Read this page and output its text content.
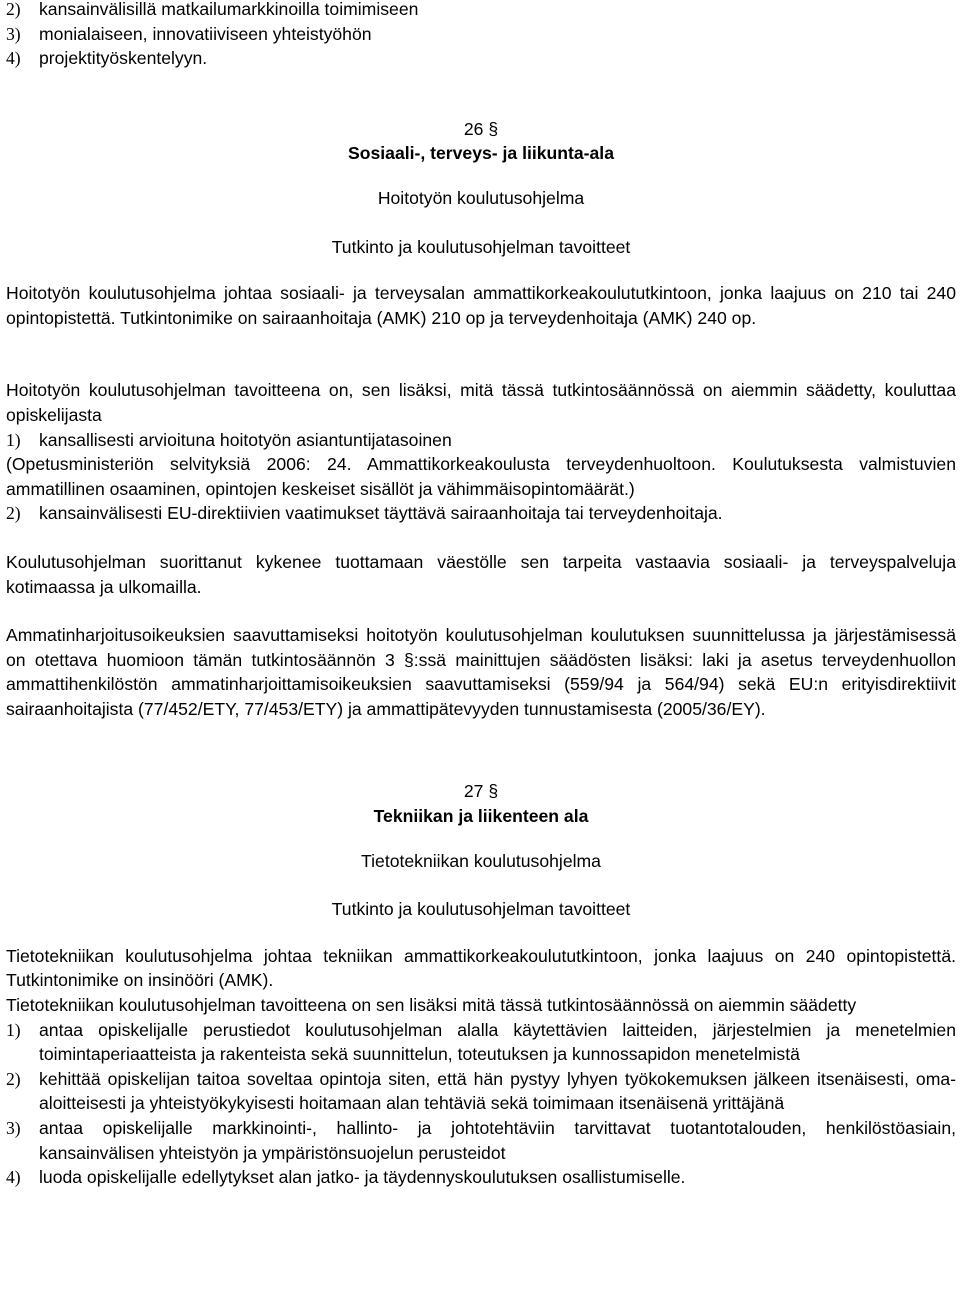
2)	kansainvälisillä matkailumarkkinoilla toimimiseen
3)	monialaiseen, innovatiiviseen yhteistyöhön
4)	projektityöskentelyyn.
26 §
Sosiaali-, terveys- ja liikunta-ala
Hoitotyön koulutusohjelma
Tutkinto ja koulutusohjelman tavoitteet
Hoitotyön koulutusohjelma johtaa sosiaali- ja terveysalan ammattikorkeakoulututkintoon, jonka laajuus on 210 tai 240 opintopistettä. Tutkintonimike on sairaanhoitaja (AMK) 210 op ja terveydenhoitaja (AMK) 240 op.
Hoitotyön koulutusohjelman tavoitteena on, sen lisäksi, mitä tässä tutkintosäännössä on aiemmin säädetty, kouluttaa opiskelijasta
1)	kansallisesti arvioituna hoitotyön asiantuntijatasoinen
(Opetusministeriön selvityksiä 2006: 24. Ammattikorkeakoulusta terveydenhuoltoon. Koulutuksesta valmistuvien ammatillinen osaaminen, opintojen keskeiset sisällöt ja vähimmäisopintomäärät.)
2)	kansainvälisesti EU-direktiivien vaatimukset täyttävä sairaanhoitaja tai terveydenhoitaja.
Koulutusohjelman suorittanut kykenee tuottamaan väestölle sen tarpeita vastaavia sosiaali- ja terveyspalveluja kotimaassa ja ulkomailla.
Ammatinharjoitusoikeuksien saavuttamiseksi hoitotyön koulutusohjelman koulutuksen suunnittelussa ja järjestämisessä on otettava huomioon tämän tutkintosäännön 3 §:ssä mainittujen säädösten lisäksi: laki ja asetus terveydenhuollon ammattihenkilöstön ammatinharjoittamisoikeuksien saavuttamiseksi (559/94 ja 564/94) sekä EU:n erityisdirektiivit sairaanhoitajista (77/452/ETY, 77/453/ETY) ja ammattipätevyyden tunnustamisesta (2005/36/EY).
27 §
Tekniikan ja liikenteen ala
Tietotekniikan koulutusohjelma
Tutkinto ja koulutusohjelman tavoitteet
Tietotekniikan koulutusohjelma johtaa tekniikan ammattikorkeakoulututkintoon, jonka laajuus on 240 opintopistettä. Tutkintonimike on insinööri (AMK).
Tietotekniikan koulutusohjelman tavoitteena on sen lisäksi mitä tässä tutkintosäännössä on aiemmin säädetty
1)	antaa opiskelijalle perustiedot koulutusohjelman alalla käytettävien laitteiden, järjestelmien ja menetelmien toimintaperiaatteista ja rakenteista sekä suunnittelun, toteutuksen ja kunnossapidon menetelmistä
2)	kehittää opiskelijan taitoa soveltaa opintoja siten, että hän pystyy lyhyen työkokemuksen jälkeen itsenäisesti, oma-aloitteisesti ja yhteistyökykyisesti hoitamaan alan tehtäviä sekä toimimaan itsenäisenä yrittäjänä
3)	antaa opiskelijalle markkinointi-, hallinto- ja johtotehtäviin tarvittavat tuotantotalouden, henkilöstöasiain, kansainvälisen yhteistyön ja ympäristönsuojelun perusteidot
4)	luoda opiskelijalle edellytykset alan jatko- ja täydennyskoulutuksen osallistumiselle.
